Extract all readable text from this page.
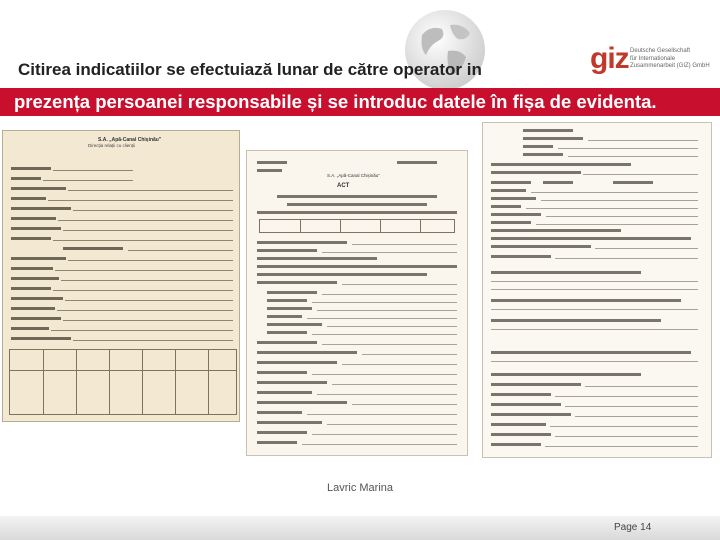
giz Deutsche Gesellschaft
für Internationale
Zusammenarbeit (GIZ) GmbH
Citirea indicatiilor se efectuiază lunar de către operator in
prezența persoanei responsabile și se introduc datele în fișa de evidenta.
S.A. „Apă-Canal Chișinău”
Direcția relații cu clienții
S.A. „Apă-Canal Chișinău”
ACT
Lavric Marina
Page 14
